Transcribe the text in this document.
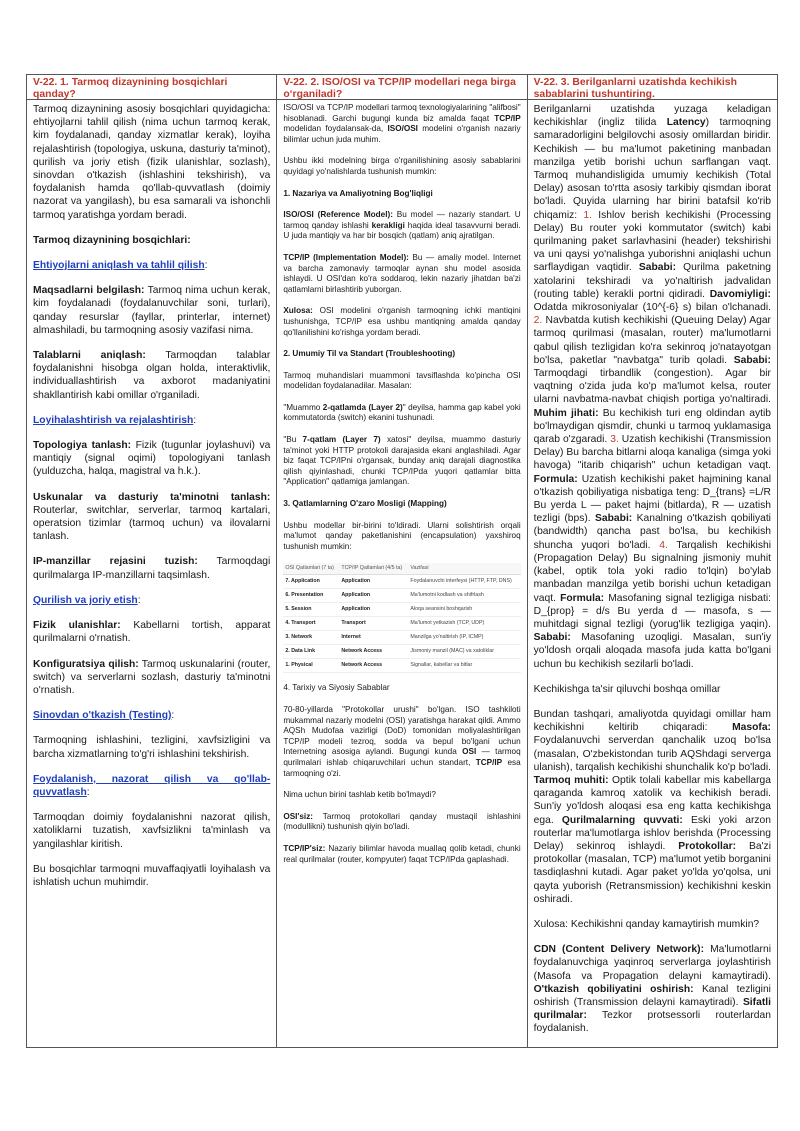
V-22. 1. Tarmoq dizaynining bosqichlari qanday?

Tarmoq dizaynining asosiy bosqichlari quyidagicha: ehtiyojlarni tahlil qilish (nima uchun tarmoq kerak, kim foydalanadi, qanday xizmatlar kerak), loyiha rejalashtirish (topologiya, uskuna, dasturiy ta'minot), qurilish va joriy etish (fizik ulanishlar, sozlash), sinovdan o'tkazish (ishlashini tekshirish), va foydalanish hamda qo'llab-quvvatlash (doimiy nazorat va yangilash), bu esa samarali va ishonchli tarmoq yaratishga yordam beradi.

Tarmoq dizaynining bosqichlari:

Ehtiyojlarni aniqlash va tahlil qilish:

Maqsadlarni belgilash: Tarmoq nima uchun kerak, kim foydalanadi (foydalanuvchilar soni, turlari), qanday resurslar (fayllar, printerlar, internet) almashiladi, bu tarmoqning asosiy vazifasi nima.

Talablarni aniqlash: Tarmoqdan talablar foydalanishni hisobga olgan holda, interaktivlik, individuallashtirish va axborot madaniyatini shakllantirish kabi omillar o'rganiladi.

Loyihalashtirish va rejalashtirish:

Topologiya tanlash: Fizik (tugunlar joylashuvi) va mantiqiy (signal oqimi) topologiyani tanlash (yulduzcha, halqa, magistral va h.k.).

Uskunalar va dasturiy ta'minotni tanlash: Routerlar, switchlar, serverlar, tarmoq kartalari, operatsion tizimlar (tarmoq uchun) va ilovalarni tanlash.

IP-manzillar rejasini tuzish: Tarmoqdagi qurilmalarga IP-manzillarni taqsimlash.

Qurilish va joriy etish:

Fizik ulanishlar: Kabellarni tortish, apparat qurilmalarni o'rnatish.

Konfiguratsiya qilish: Tarmoq uskunalarini (router, switch) va serverlarni sozlash, dasturiy ta'minotni o'rnatish.

Sinovdan o'tkazish (Testing):

Tarmoqning ishlashini, tezligini, xavfsizligini va barcha xizmatlarning to'g'ri ishlashini tekshirish.

Foydalanish, nazorat qilish va qo'llab-quvvatlash:

Tarmoqdan doimiy foydalanishni nazorat qilish, xatoliklarni tuzatish, xavfsizlikni ta'minlash va yangilashlar kiritish.

Bu bosqichlar tarmoqni muvaffaqiyatli loyihalash va ishlatish uchun muhimdir.

V-22. 2. ISO/OSI va TCP/IP modellari nega birga o‘rganiladi?

ISO/OSI va TCP/IP modellari tarmoq texnologiyalarining "alifbosi" hisoblanadi. Garchi bugungi kunda biz amalda faqat TCP/IP modelidan foydalansak-da, ISO/OSI modelini o'rganish nazariy bilimlar uchun juda muhim.

Ushbu ikki modelning birga o'rganilishining asosiy sabablarini quyidagi yo'nalishlarda tushunish mumkin:

1. Nazariya va Amaliyotning Bog'liqligi

ISO/OSI (Reference Model): Bu model — nazariy standart. U tarmoq qanday ishlashi kerakligi haqida ideal tasavvurni beradi. U juda mantiqiy va har bir bosqich (qatlam) aniq ajratilgan.

TCP/IP (Implementation Model): Bu — amaliy model. Internet va barcha zamonaviy tarmoqlar aynan shu model asosida ishlaydi. U OSI'dan ko'ra soddaroq, lekin nazariy jihatdan ba'zi qatlamlarni birlashtirib yuborgan.

Xulosa: OSI modelini o'rganish tarmoqning ichki mantiqini tushunishga, TCP/IP esa ushbu mantiqning amalda qanday qo'llanilishini ko'rishga yordam beradi.

2. Umumiy Til va Standart (Troubleshooting)

Tarmoq muhandislari muammoni tavsiflashda ko'pincha OSI modelidan foydalanadilar. Masalan:

"Muammo 2-qatlamda (Layer 2)" deyilsa, hamma gap kabel yoki kommutatorda (switch) ekanini tushunadi.

"Bu 7-qatlam (Layer 7) xatosi" deyilsa, muammo dasturiy ta'minot yoki HTTP protokoli darajasida ekani anglashiladi. Agar biz faqat TCP/IPni o'rgansak, bunday aniq darajali diagnostika qilish qiyinlashadi, chunki TCP/IPda yuqori qatlamlar bitta "Application" qatlamiga jamlangan.

3. Qatlamlarning O'zaro Mosligi (Mapping)

Ushbu modellar bir-birini to'ldiradi. Ularni solishtirish orqali ma'lumot qanday paketlanishini (encapsulation) yaxshiroq tushunish mumkin:

OSI Qatlamlari (7 ta)	TCP/IP Qatlamlari (4/5 ta)	Vazifasi
7. Application	Application	Foydalanuvchi interfeysi (HTTP, FTP, DNS)
6. Presentation	Application	Ma'lumotni kodlash va shifrlash
5. Session	Application	Aloqa seansini boshqarish
4. Transport	Transport	Ma'lumot yetkazish (TCP, UDP)
3. Network	Internet	Manzilga yo'naltirish (IP, ICMP)
2. Data Link	Network Access	Jismoniy manzil (MAC) va xatoliklar
1. Physical	Network Access	Signallar, kabellar va bitlar

4. Tarixiy va Siyosiy Sabablar

70-80-yillarda "Protokollar urushi" bo'lgan. ISO tashkiloti mukammal nazariy modelni (OSI) yaratishga harakat qildi. Ammo AQSh Mudofaa vazirligi (DoD) tomonidan moliyalashtirilgan TCP/IP modeli tezroq, sodda va bepul bo'lgani uchun Internetning asosiga aylandi. Bugungi kunda OSI — tarmoq qurilmalari ishlab chiqaruvchilari uchun standart, TCP/IP esa tarmoqning o'zi.

Nima uchun birini tashlab ketib bo'lmaydi?

OSI'siz: Tarmoq protokollari qanday mustaqil ishlashini (modullikni) tushunish qiyin bo'ladi.

TCP/IP'siz: Nazariy bilimlar havoda muallaq qolib ketadi, chunki real qurilmalar (router, kompyuter) faqat TCP/IPda gaplashadi.

V-22. 3. Berilganlarni uzatishda kechikish sabablarini tushuntiring.

Berilganlarni uzatishda yuzaga keladigan kechikishlar (ingliz tilida Latency) tarmoqning samaradorligini belgilovchi asosiy omillardan biridir. Kechikish — bu ma'lumot paketining manbadan manzilga yetib borishi uchun sarflangan vaqt. Tarmoq muhandisligida umumiy kechikish (Total Delay) asosan to'rtta asosiy tarkibiy qismdan iborat bo'ladi. Quyida ularning har birini batafsil ko'rib chiqamiz: 1. Ishlov berish kechikishi (Processing Delay) Bu router yoki kommutator (switch) kabi qurilmaning paket sarlavhasini (header) tekshirishi va uni qaysi yo'nalishga yuborishni aniqlashi uchun sarflaydigan vaqtidir. Sababi: Qurilma paketning xatolarini tekshiradi va yo'naltirish jadvalidan (routing table) kerakli portni qidiradi. Davomiyligi: Odatda mikrosoniyalar (10^{-6} s) bilan o'lchanadi. 2. Navbatda kutish kechikishi (Queuing Delay) Agar tarmoq qurilmasi (masalan, router) ma'lumotlarni qabul qilish tezligidan ko'ra sekinroq jo'natayotgan bo'lsa, paketlar "navbatga" turib qoladi. Sababi: Tarmoqdagi tirbandlik (congestion). Agar bir vaqtning o'zida juda ko'p ma'lumot kelsa, router ularni navbatma-navbat chiqish portiga yo'naltiradi. Muhim jihati: Bu kechikish turi eng oldindan aytib bo'lmaydigan qismdir, chunki u tarmoq yuklamasiga qarab o'zgaradi. 3. Uzatish kechikishi (Transmission Delay) Bu barcha bitlarni aloqa kanaliga (simga yoki havoga) "itarib chiqarish" uchun ketadigan vaqt. Formula: Uzatish kechikishi paket hajmining kanal o'tkazish qobiliyatiga nisbatiga teng: D_{trans} =L/R Bu yerda L — paket hajmi (bitlarda), R — uzatish tezligi (bps). Sababi: Kanalning o'tkazish qobiliyati (bandwidth) qancha past bo'lsa, bu kechikish shuncha yuqori bo'ladi. 4. Tarqalish kechikishi (Propagation Delay) Bu signalning jismoniy muhit (kabel, optik tola yoki radio to'lqin) bo'ylab manbadan manzilga yetib borishi uchun ketadigan vaqt. Formula: Masofaning signal tezligiga nisbati: D_{prop} = d/s Bu yerda d — masofa, s — muhitdagi signal tezligi (yorug'lik tezligiga yaqin). Sababi: Masofaning uzoqligi. Masalan, sun'iy yo'ldosh orqali aloqada masofa juda katta bo'lgani uchun bu kechikish sezilarli bo'ladi.

Kechikishga ta'sir qiluvchi boshqa omillar

Bundan tashqari, amaliyotda quyidagi omillar ham kechikishni keltirib chiqaradi: Masofa: Foydalanuvchi serverdan qanchalik uzoq bo'lsa (masalan, O'zbekistondan turib AQShdagi serverga ulanish), tarqalish kechikishi shunchalik ko'p bo'ladi. Tarmoq muhiti: Optik tolali kabellar mis kabellarga qaraganda kamroq xatolik va kechikish beradi. Sun'iy yo'ldosh aloqasi esa eng katta kechikishga ega. Qurilmalarning quvvati: Eski yoki arzon routerlar ma'lumotlarga ishlov berishda (Processing Delay) sekinroq ishlaydi. Protokollar: Ba'zi protokollar (masalan, TCP) ma'lumot yetib borganini tasdiqlashni kutadi. Agar paket yo'lda yo'qolsa, uni qayta yuborish (Retransmission) kechikishni keskin oshiradi.

Xulosa: Kechikishni qanday kamaytirish mumkin?

CDN (Content Delivery Network): Ma'lumotlarni foydalanuvchiga yaqinroq serverlarga joylashtirish (Masofa va Propagation delayni kamaytiradi). O'tkazish qobiliyatini oshirish: Kanal tezligini oshirish (Transmission delayni kamaytiradi). Sifatli qurilmalar: Tezkor protsessorli routerlardan foydalanish.
